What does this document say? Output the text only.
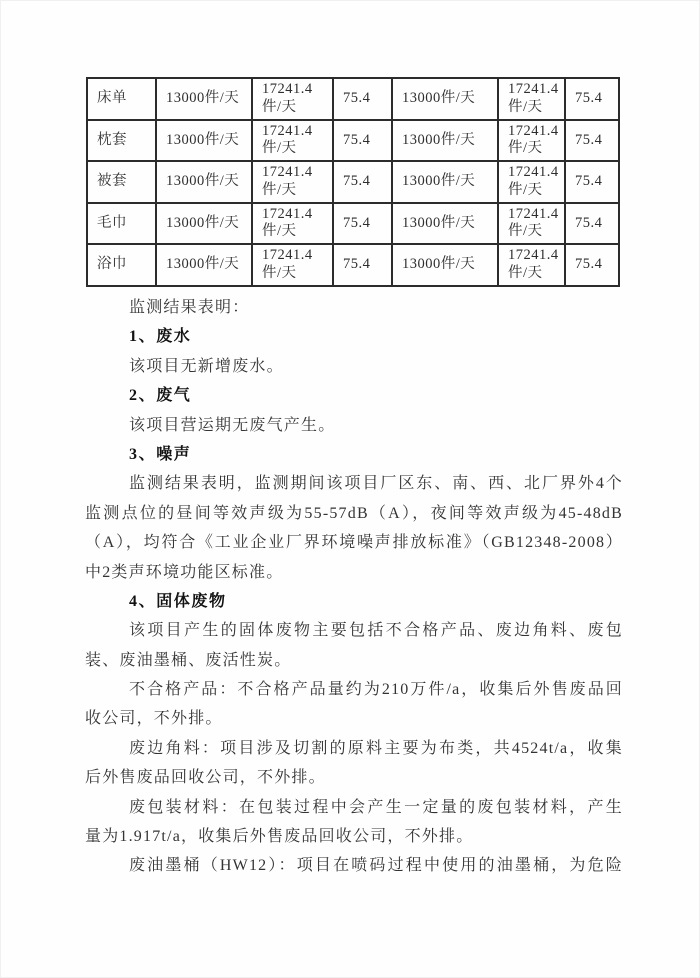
床单	13000件/天	17241.4件/天	75.4	13000件/天	17241.4件/天	75.4
枕套	13000件/天	17241.4件/天	75.4	13000件/天	17241.4件/天	75.4
被套	13000件/天	17241.4件/天	75.4	13000件/天	17241.4件/天	75.4
毛巾	13000件/天	17241.4件/天	75.4	13000件/天	17241.4件/天	75.4
浴巾	13000件/天	17241.4件/天	75.4	13000件/天	17241.4件/天	75.4
监测结果表明：
1、废水
该项目无新增废水。
2、废气
该项目营运期无废气产生。
3、噪声
监测结果表明，监测期间该项目厂区东、南、西、北厂界外4个
监测点位的昼间等效声级为55-57dB（A），夜间等效声级为45-48dB
（A），均符合《工业企业厂界环境噪声排放标准》（GB12348-2008）
中2类声环境功能区标准。
4、固体废物
该项目产生的固体废物主要包括不合格产品、废边角料、废包
装、废油墨桶、废活性炭。
不合格产品：不合格产品量约为210万件/a，收集后外售废品回
收公司，不外排。
废边角料：项目涉及切割的原料主要为布类，共4524t/a，收集
后外售废品回收公司，不外排。
废包装材料：在包装过程中会产生一定量的废包装材料，产生
量为1.917t/a，收集后外售废品回收公司，不外排。
废油墨桶（HW12）：项目在喷码过程中使用的油墨桶，为危险
